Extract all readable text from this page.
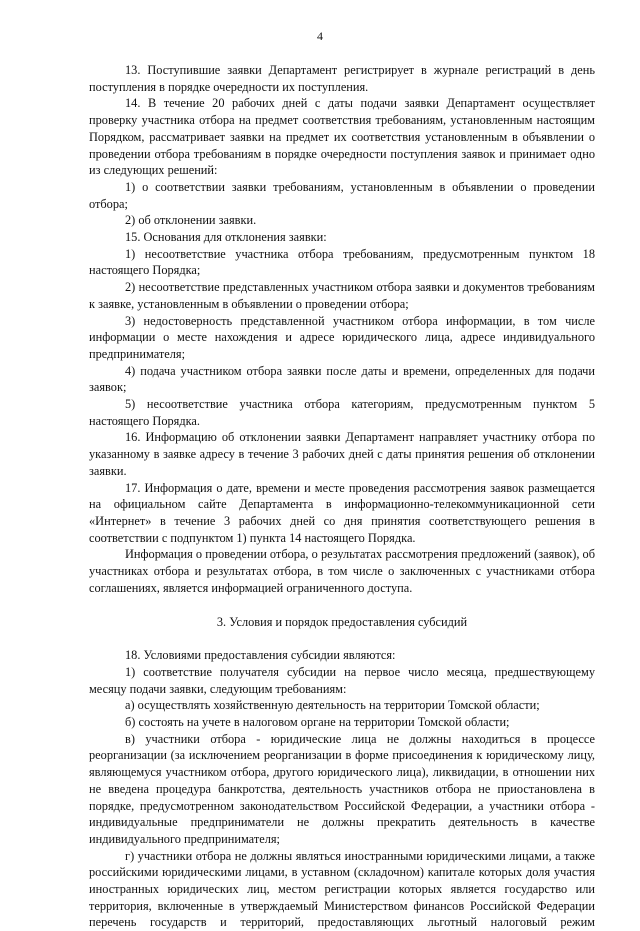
4

13. Поступившие заявки Департамент регистрирует в журнале регистраций в день поступления в порядке очередности их поступления.

14. В течение 20 рабочих дней с даты подачи заявки Департамент осуществляет проверку участника отбора на предмет соответствия требованиям, установленным настоящим Порядком, рассматривает заявки на предмет их соответствия установленным в объявлении о проведении отбора требованиям в порядке очередности поступления заявок и принимает одно из следующих решений:

1) о соответствии заявки требованиям, установленным в объявлении о проведении отбора;

2) об отклонении заявки.

15. Основания для отклонения заявки:

1) несоответствие участника отбора требованиям, предусмотренным пунктом 18 настоящего Порядка;

2) несоответствие представленных участником отбора заявки и документов требованиям к заявке, установленным в объявлении о проведении отбора;

3) недостоверность представленной участником отбора информации, в том числе информации о месте нахождения и адресе юридического лица, адресе индивидуального предпринимателя;

4) подача участником отбора заявки после даты и времени, определенных для подачи заявок;

5) несоответствие участника отбора категориям, предусмотренным пунктом 5 настоящего Порядка.

16. Информацию об отклонении заявки Департамент направляет участнику отбора по указанному в заявке адресу в течение 3 рабочих дней с даты принятия решения об отклонении заявки.

17. Информация о дате, времени и месте проведения рассмотрения заявок размещается на официальном сайте Департамента в информационно-телекоммуникационной сети «Интернет» в течение 3 рабочих дней со дня принятия соответствующего решения в соответствии с подпунктом 1) пункта 14 настоящего Порядка.

Информация о проведении отбора, о результатах рассмотрения предложений (заявок), об участниках отбора и результатах отбора, в том числе о заключенных с участниками отбора соглашениях, является информацией ограниченного доступа.

3. Условия и порядок предоставления субсидий

18. Условиями предоставления субсидии являются:

1) соответствие получателя субсидии на первое число месяца, предшествующему месяцу подачи заявки, следующим требованиям:

а) осуществлять хозяйственную деятельность на территории Томской области;

б) состоять на учете в налоговом органе на территории Томской области;

в) участники отбора - юридические лица не должны находиться в процессе реорганизации (за исключением реорганизации в форме присоединения к юридическому лицу, являющемуся участником отбора, другого юридического лица), ликвидации, в отношении них не введена процедура банкротства, деятельность участников отбора не приостановлена в порядке, предусмотренном законодательством Российской Федерации, а участники отбора - индивидуальные предприниматели не должны прекратить деятельность в качестве индивидуального предпринимателя;

г) участники отбора не должны являться иностранными юридическими лицами, а также российскими юридическими лицами, в уставном (складочном) капитале которых доля участия иностранных юридических лиц, местом регистрации которых является государство или территория, включенные в утверждаемый Министерством финансов Российской Федерации перечень государств и территорий, предоставляющих льготный налоговый режим
